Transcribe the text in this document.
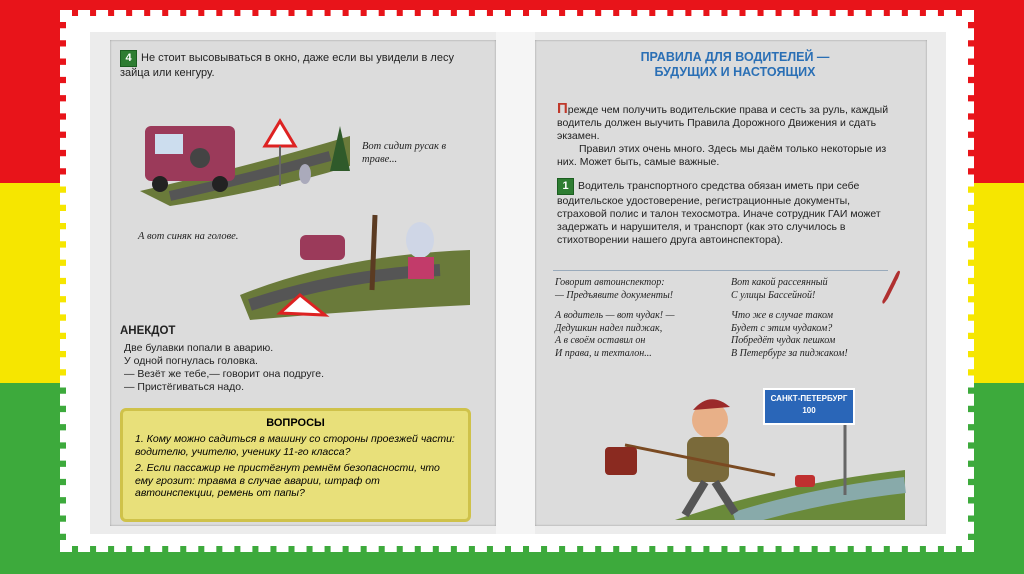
4 Не стоит высовываться в окно, даже если вы увидели в лесу зайца или кенгуру.
Вот сидит русак в траве...
А вот синяк на голове.
АНЕКДОТ
Две булавки попали в аварию.
У одной погнулась головка.
— Везёт же тебе,— говорит она подруге.
— Пристёгиваться надо.
ВОПРОСЫ
1. Кому можно садиться в машину со стороны проезжей части: водителю, учителю, ученику 11-го класса?
2. Если пассажир не пристёгнут ремнём безопасности, что ему грозит: травма в случае аварии, штраф от автоинспекции, ремень от папы?
ПРАВИЛА ДЛЯ ВОДИТЕЛЕЙ —
БУДУЩИХ И НАСТОЯЩИХ
Прежде чем получить водительские права и сесть за руль, каждый водитель должен выучить Правила Дорожного Движения и сдать экзамен.
Правил этих очень много. Здесь мы даём только некоторые из них. Может быть, самые важные.
1 Водитель транспортного средства обязан иметь при себе водительское удостоверение, регистрационные документы, страховой полис и талон техосмотра. Иначе сотрудник ГАИ может задержать и нарушителя, и транспорт (как это случилось в стихотворении нашего друга автоинспектора).
Говорит автоинспектор:
— Предъявите документы!
А водитель — вот чудак! —
Дедушкин надел пиджак,
А в своём оставил он
И права, и техталон...
Вот какой рассеянный
С улицы Бассейной!
Что же в случае таком
Будет с этим чудаком?
Побредёт чудак пешком
В Петербург за пиджаком!
САНКТ-ПЕТЕРБУРГ
100
